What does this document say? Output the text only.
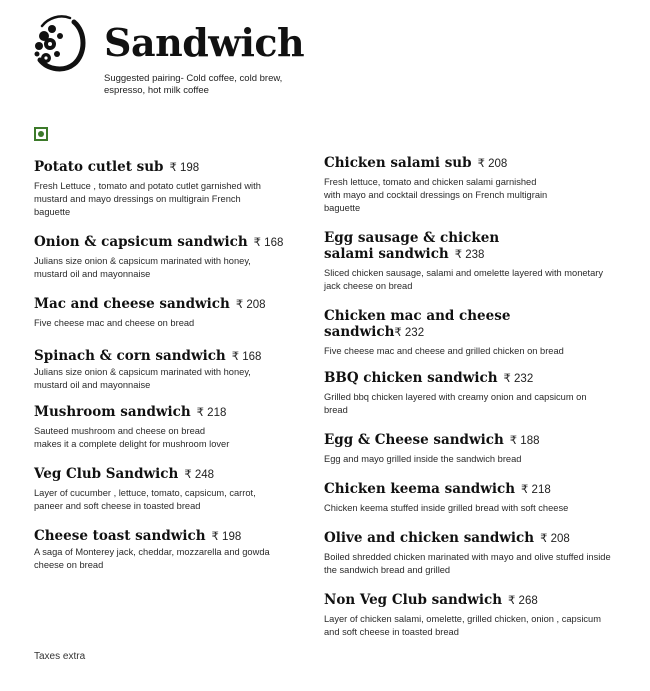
Sandwich
Suggested pairing- Cold coffee, cold brew,
espresso, hot milk coffee
Potato cutlet sub ₹ 198
Fresh Lettuce , tomato and potato cutlet garnished with
mustard and mayo dressings on multigrain French
baguette
Onion & capsicum sandwich ₹ 168
Julians size onion & capsicum marinated with honey,
mustard oil and mayonnaise
Mac and cheese sandwich ₹ 208
Five cheese mac and cheese on bread
Spinach & corn sandwich ₹ 168
Julians size onion & capsicum marinated with honey,
mustard oil and mayonnaise
Mushroom sandwich ₹ 218
Sauteed mushroom and cheese on bread
makes it a complete delight for mushroom lover
Veg Club Sandwich ₹ 248
Layer of cucumber , lettuce, tomato, capsicum, carrot,
paneer and soft cheese in toasted bread
Cheese toast sandwich ₹ 198
A saga of Monterey jack, cheddar, mozzarella and gowda
cheese on bread
Chicken salami sub ₹ 208
Fresh lettuce, tomato and chicken salami garnished
with mayo and cocktail dressings on French multigrain
baguette
Egg sausage & chicken salami sandwich ₹ 238
Sliced chicken sausage, salami and omelette layered with monetary
jack cheese on bread
Chicken mac and cheese sandwich₹ 232
Five cheese mac and cheese and grilled chicken on bread
BBQ chicken sandwich ₹ 232
Grilled bbq chicken layered with creamy onion and capsicum on
bread
Egg & Cheese sandwich ₹ 188
Egg and mayo grilled inside the sandwich bread
Chicken keema sandwich ₹ 218
Chicken keema stuffed inside grilled bread with soft cheese
Olive and chicken sandwich ₹ 208
Boiled shredded chicken marinated with mayo and olive stuffed inside
the sandwich bread and grilled
Non Veg Club sandwich ₹ 268
Layer of chicken salami, omelette, grilled chicken, onion , capsicum
and soft cheese in toasted bread
Taxes extra
